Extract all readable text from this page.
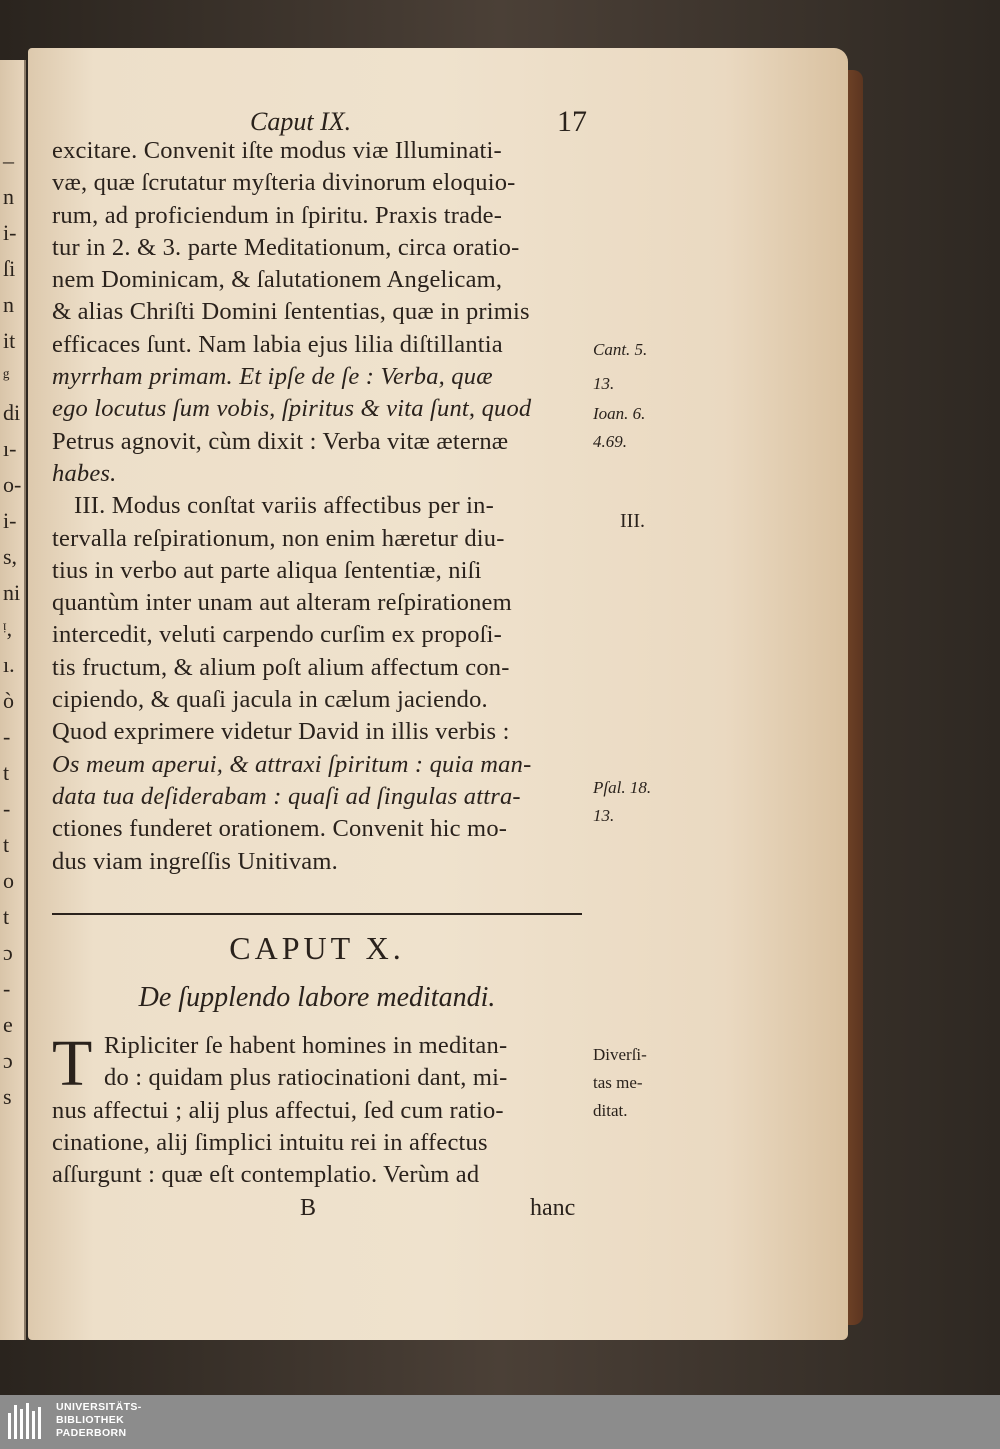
–
n
i-
ſi
n
it
ᵍ
di
ı-
o-
i-
s,
ni
ᵎ,
ı.
ò
-
t
-
t
o
t
ɔ
-
e
ɔ
s
Caput IX.	17
excitare. Convenit iſte modus viæ Illuminati-
væ, quæ ſcrutatur myſteria divinorum eloquio-
rum, ad proficiendum in ſpiritu. Praxis trade-
tur in 2. & 3. parte Meditationum, circa oratio-
nem Dominicam, & ſalutationem Angelicam,
& alias Chriſti Domini ſententias, quæ in primis
efficaces ſunt. Nam labia ejus lilia diſtillantia
myrrham primam. Et ipſe de ſe : Verba, quæ
ego locutus ſum vobis, ſpiritus & vita ſunt, quod
Petrus agnovit, cùm dixit : Verba vitæ æternæ
habes.
III. Modus conſtat variis affectibus per in-
tervalla reſpirationum, non enim hæretur diu-
tius in verbo aut parte aliqua ſententiæ, niſi
quantùm inter unam aut alteram reſpirationem
intercedit, veluti carpendo curſim ex propoſi-
tis fructum, & alium poſt alium affectum con-
cipiendo, & quaſi jacula in cælum jaciendo.
Quod exprimere videtur David in illis verbis :
Os meum aperui, & attraxi ſpiritum : quia man-
data tua deſiderabam : quaſi ad ſingulas attra-
ctiones funderet orationem. Convenit hic mo-
dus viam ingreſſis Unitivam.
CAPUT X.
De ſupplendo labore meditandi.
T Ripliciter ſe habent homines in meditan-
do : quidam plus ratiocinationi dant, mi-
nus affectui ; alij plus affectui, ſed cum ratio-
cinatione, alij ſimplici intuitu rei in affectus
aſſurgunt : quæ eſt contemplatio. Verùm ad
B	hanc
Cant. 5.
13.
Ioan. 6.
4.69.
III.
Pſal. 18.
13.
Diverſi-
tas me-
ditat.
UNIVERSITÄTS-
BIBLIOTHEK
PADERBORN
